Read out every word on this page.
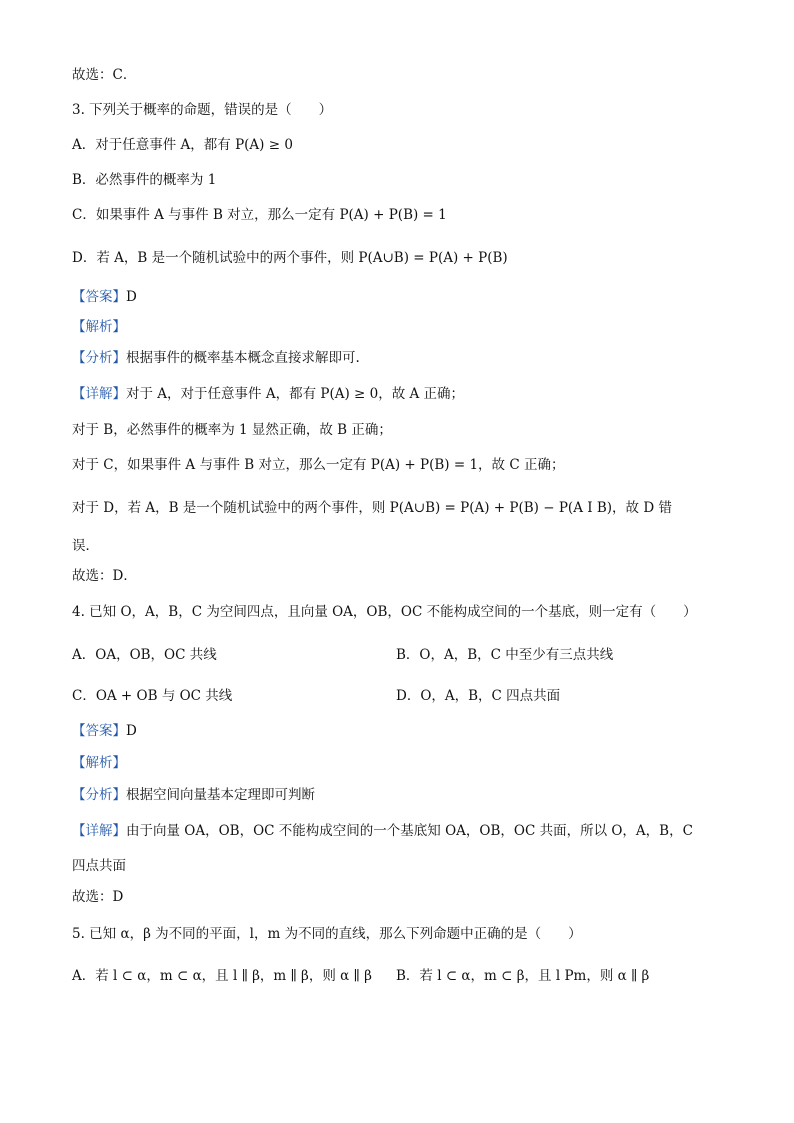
故选：C．
3. 下列关于概率的命题，错误的是（　　）
A．对于任意事件 A，都有 P(A) ≥ 0
B．必然事件的概率为 1
C．如果事件 A 与事件 B 对立，那么一定有 P(A) + P(B) = 1
D．若 A，B 是一个随机试验中的两个事件，则 P(A∪B) = P(A) + P(B)
【答案】D
【解析】
【分析】根据事件的概率基本概念直接求解即可.
【详解】对于 A，对于任意事件 A，都有 P(A) ≥ 0，故 A 正确；
对于 B，必然事件的概率为 1 显然正确，故 B 正确；
对于 C，如果事件 A 与事件 B 对立，那么一定有 P(A) + P(B) = 1，故 C 正确；
对于 D，若 A，B 是一个随机试验中的两个事件，则 P(A∪B) = P(A) + P(B) − P(A I B)，故 D 错
误．
故选：D．
4. 已知 O，A，B，C 为空间四点，且向量 OA，OB，OC 不能构成空间的一个基底，则一定有（　　）
A．OA，OB，OC 共线	B．O，A，B，C 中至少有三点共线
C．OA + OB 与 OC 共线	D．O，A，B，C 四点共面
【答案】D
【解析】
【分析】根据空间向量基本定理即可判断
【详解】由于向量 OA，OB，OC 不能构成空间的一个基底知 OA，OB，OC 共面，所以 O，A，B，C
四点共面
故选：D
5. 已知 α，β 为不同的平面，l，m 为不同的直线，那么下列命题中正确的是（　　）
A．若 l ⊂ α，m ⊂ α，且 l ∥ β，m ∥ β，则 α ∥ β B．若 l ⊂ α，m ⊂ β，且 l Pm，则 α ∥ β
